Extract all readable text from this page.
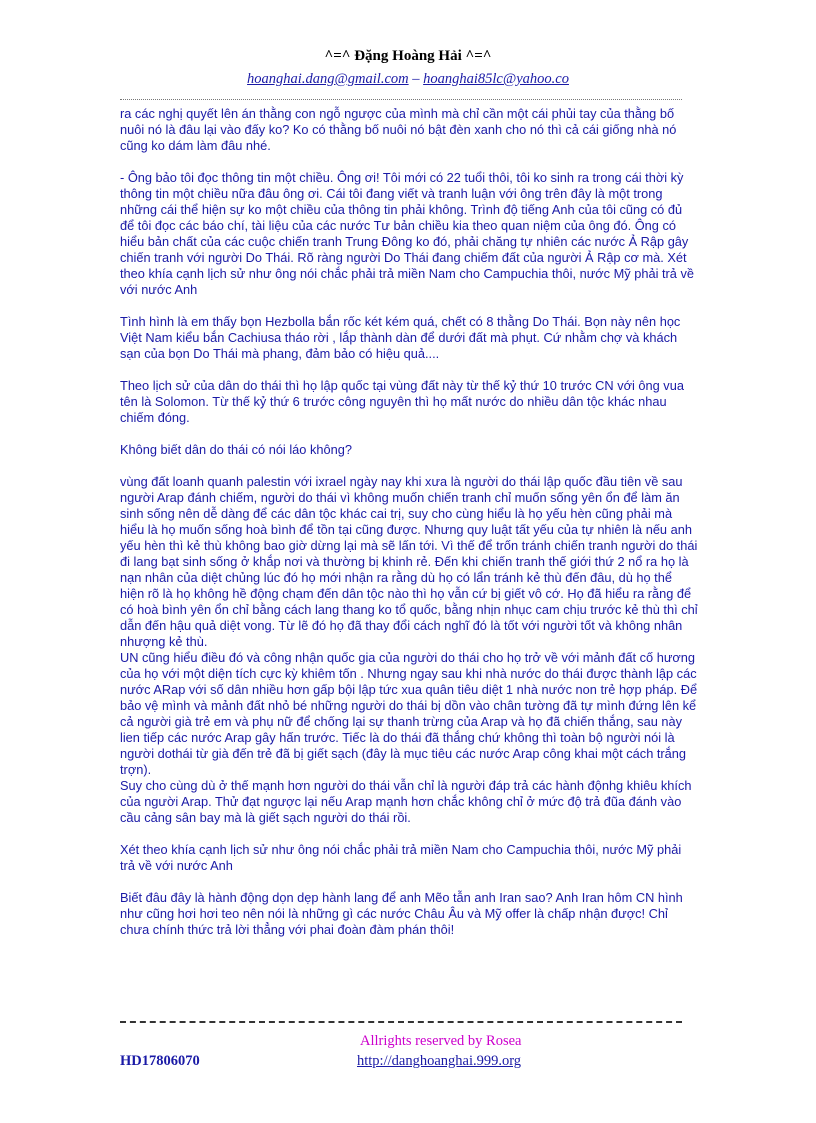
^=^ Đặng Hoàng Hải ^=^
hoanghai.dang@gmail.com – hoanghai85lc@yahoo.co

ra các nghị quyết lên án thằng con ngỗ ngược của mình mà chỉ cần một cái phủi tay của thằng bố nuôi nó là đâu lại vào đấy ko? Ko có thằng bố nuôi nó bật đèn xanh cho nó thì cả cái giống nhà nó cũng ko dám làm đâu nhé.

- Ông bảo tôi đọc thông tin một chiều. Ông ơi! Tôi mới có 22 tuổi thôi, tôi ko sinh ra trong cái thời kỳ thông tin một chiều nữa đâu ông ơi. Cái tôi đang viết và tranh luận với ông trên đây là một trong những cái thể hiện sự ko một chiều của thông tin phải không. Trình độ tiếng Anh của tôi cũng có đủ để tôi đọc các báo chí, tài liệu của các nước Tư bản chiều kia theo quan niệm của ông đó. Ông có hiểu bản chất của các cuộc chiến tranh Trung Đông ko đó, phải chăng tự nhiên các nước Ả Rập gây chiến tranh với người Do Thái. Rõ ràng người Do Thái đang chiếm đất của người Ả Rập cơ mà. Xét theo khía cạnh lịch sử như ông nói chắc phải trả miền Nam cho Campuchia thôi, nước Mỹ phải trả về với nước Anh

Tình hình là em thấy bọn Hezbolla bắn rốc két kém quá, chết có 8 thằng Do Thái. Bọn này nên học Việt Nam kiểu bắn Cachiusa tháo rời , lắp thành dàn để dưới đất mà phụt. Cứ nhằm chợ và khách sạn của bọn Do Thái mà phang, đảm bảo có hiệu quả....

Theo lịch sử của dân do thái thì họ lập quốc tại vùng đất này từ thế kỷ thứ 10 trước CN với ông vua tên là Solomon. Từ thế kỷ thứ 6 trước công nguyên thì họ mất nước do nhiều dân tộc khác nhau chiếm đóng.

Không biết dân do thái có nói láo không?

vùng đất loanh quanh palestin với ixrael ngày nay khi xưa là người do thái lập quốc đầu tiên về sau người Arap đánh chiếm, người do thái vì không muốn chiến tranh chỉ muốn sống yên ổn để làm ăn sinh sống nên dễ dàng để các dân tộc khác cai trị, suy cho cùng hiểu là họ yếu hèn cũng phải mà hiểu là họ muốn sống hoà bình để tồn tại cũng được. Nhưng quy luật tất yếu của tự nhiên là nếu anh yếu hèn thì kẻ thù không bao giờ dừng lại mà sẽ lấn tới. Vì thế để trốn tránh chiến tranh người do thái đi lang bạt sinh sống ở khắp nơi và thường bị khinh rẻ. Đến khi chiến tranh thế giới thứ 2 nổ ra họ là nạn nhân của diệt chủng lúc đó họ mới nhận ra rằng dù họ có lẩn tránh kẻ thù đến đâu, dù họ thể hiện rõ là họ không hề động chạm đến dân tộc nào thì họ vẫn cứ bị giết vô cớ. Họ đã hiểu ra rằng để có hoà bình yên ổn chỉ bằng cách lang thang ko tổ quốc, bằng nhịn nhục cam chịu trước kẻ thù thì chỉ dẫn đến hậu quả diệt vong. Từ lẽ đó họ đã thay đổi cách nghĩ đó là tốt với người tốt và không nhân nhượng kẻ thù.

UN cũng hiểu điều đó và công nhận quốc gia của người do thái cho họ trở về với mảnh đất cố hương của họ với một diện tích cực kỳ khiêm tốn . Nhưng ngay sau khi nhà nước do thái được thành lập các nước ARap với số dân nhiều hơn gấp bội lập tức xua quân tiêu diệt 1 nhà nước non trẻ hợp pháp. Để bảo vệ mình và mảnh đất nhỏ bé những người do thái bị dồn vào chân tường đã tự mình đứng lên kể cả người già trẻ em và phụ nữ để chống lại sự thanh trừng của Arap và họ đã chiến thắng, sau này lien tiếp các nước Arap gây hấn trước. Tiếc là do thái đã thắng chứ không thì toàn bộ người nói là người dothái từ già đến trẻ đã bị giết sạch (đây là mục tiêu các nước Arap công khai một cách trắng trợn).

Suy cho cùng dù ở thế mạnh hơn người do thái vẫn chỉ là người đáp trả các hành độnhg khiêu khích của người Arap. Thử đạt ngược lại nếu Arap mạnh hơn chắc không chỉ ở mức độ trả đũa đánh vào cầu cảng sân bay mà là giết sạch người do thái rồi.

Xét theo khía cạnh lịch sử như ông nói chắc phải trả miền Nam cho Campuchia thôi, nước Mỹ phải trả về với nước Anh

Biết đâu đây là hành động dọn dẹp hành lang để anh Mẽo tẫn anh Iran sao? Anh Iran hôm CN hình như cũng hơi hơi teo nên nói là những gì các nước Châu Âu và Mỹ offer là chấp nhận được! Chỉ chưa chính thức trả lời thẳng với phai đoàn đàm phán thôi!

Allrights reserved by Rosea
HD17806070	http://danghoanghai.999.org
